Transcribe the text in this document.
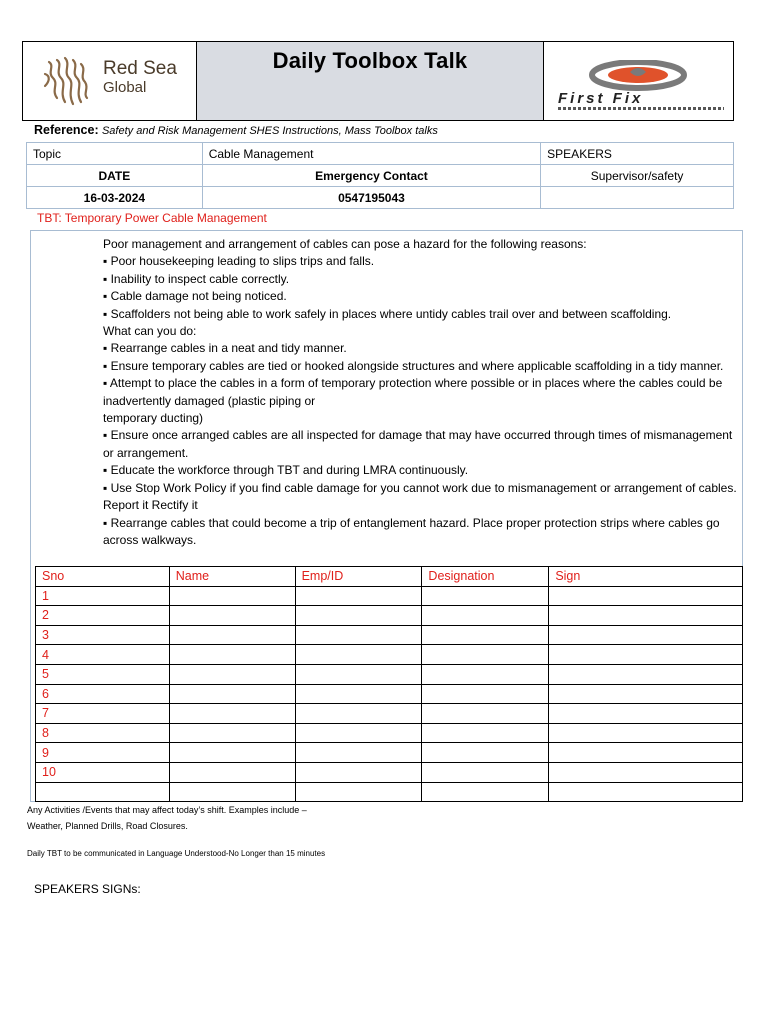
Red Sea
Global
Daily Toolbox Talk
First Fix
Reference: Safety and Risk Management SHES Instructions, Mass Toolbox talks
Topic	Cable Management	SPEAKERS
DATE	Emergency Contact	Supervisor/safety
16-03-2024	0547195043	
TBT: Temporary Power Cable Management

Poor management and arrangement of cables can pose a hazard for the following reasons:

▪ Poor housekeeping leading to slips trips and falls.

▪ Inability to inspect cable correctly.

▪ Cable damage not being noticed.

▪ Scaffolders not being able to work safely in places where untidy cables trail over and between scaffolding.

What can you do:

▪ Rearrange cables in a neat and tidy manner.

▪ Ensure temporary cables are tied or hooked alongside structures and where applicable scaffolding in a tidy manner.

▪ Attempt to place the cables in a form of temporary protection where possible or in places where the cables could be inadvertently damaged (plastic piping or

temporary ducting)

▪ Ensure once arranged cables are all inspected for damage that may have occurred through times of mismanagement or arrangement.

▪ Educate the workforce through TBT and during LMRA continuously.

▪ Use Stop Work Policy if you find cable damage for you cannot work due to mismanagement or arrangement of cables. Report it Rectify it

▪ Rearrange cables that could become a trip of entanglement hazard. Place proper protection strips where cables go across walkways.

Sno	Name	Emp/ID	Designation	Sign
1				
2				
3				
4				
5				
6				
7				
8				
9				
10				

Any Activities /Events that may affect today’s shift. Examples include –
Weather, Planned Drills, Road Closures.
Daily TBT to be communicated in Language Understood-No Longer than 15 minutes
SPEAKERS SIGNs:
